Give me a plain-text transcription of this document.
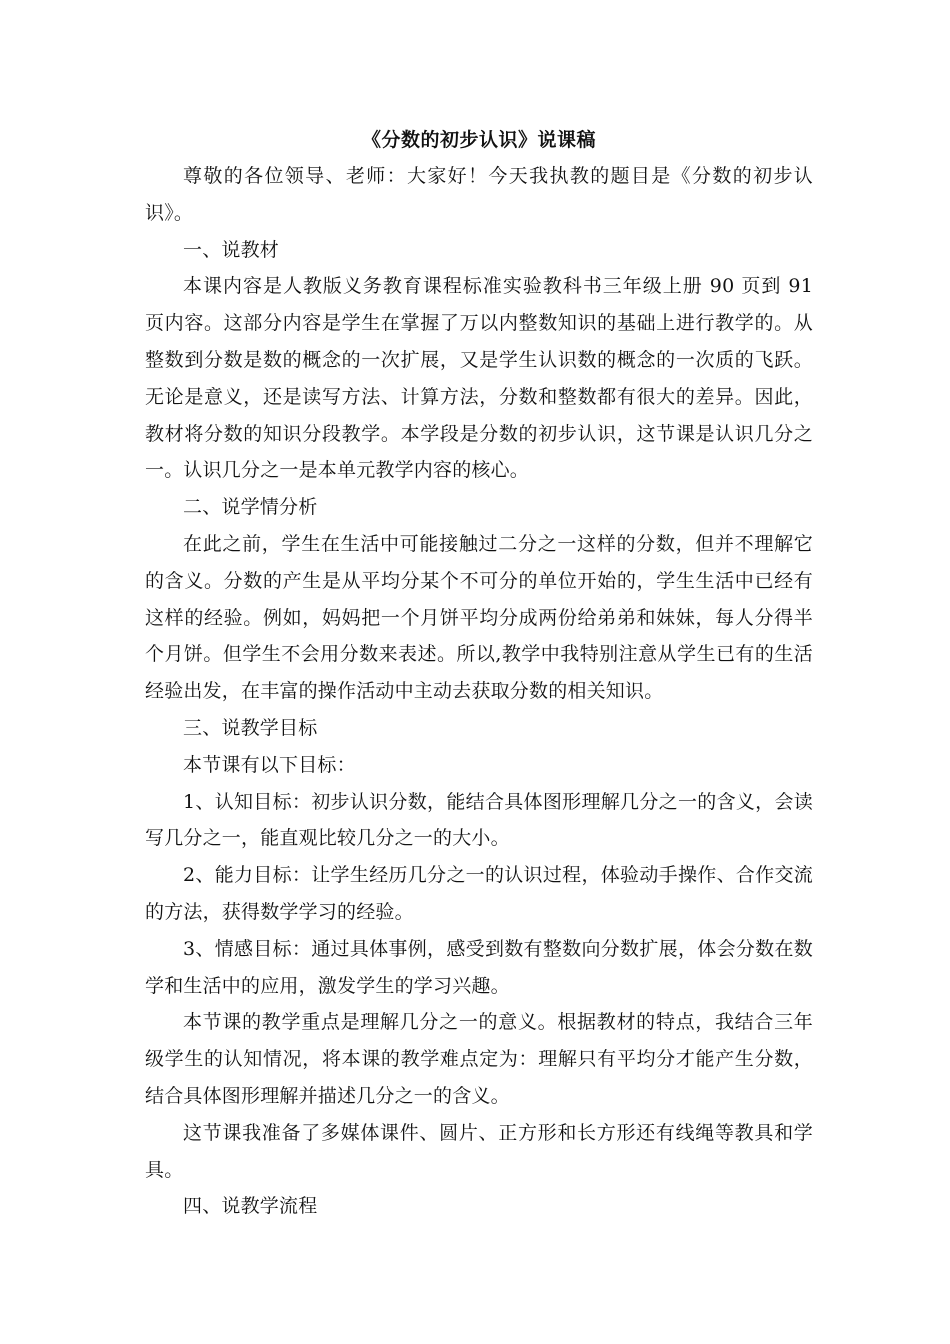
《分数的初步认识》说课稿

尊敬的各位领导、老师：大家好！今天我执教的题目是《分数的初步认识》。

一、说教材

本课内容是人教版义务教育课程标准实验教科书三年级上册 90 页到 91 页内容。这部分内容是学生在掌握了万以内整数知识的基础上进行教学的。从整数到分数是数的概念的一次扩展，又是学生认识数的概念的一次质的飞跃。无论是意义，还是读写方法、计算方法，分数和整数都有很大的差异。因此，教材将分数的知识分段教学。本学段是分数的初步认识，这节课是认识几分之一。认识几分之一是本单元教学内容的核心。

二、说学情分析

在此之前，学生在生活中可能接触过二分之一这样的分数，但并不理解它的含义。分数的产生是从平均分某个不可分的单位开始的，学生生活中已经有这样的经验。例如，妈妈把一个月饼平均分成两份给弟弟和妹妹，每人分得半个月饼。但学生不会用分数来表述。所以,教学中我特别注意从学生已有的生活经验出发，在丰富的操作活动中主动去获取分数的相关知识。

三、说教学目标

本节课有以下目标：

1、认知目标：初步认识分数，能结合具体图形理解几分之一的含义，会读写几分之一，能直观比较几分之一的大小。

2、能力目标：让学生经历几分之一的认识过程，体验动手操作、合作交流的方法，获得数学学习的经验。

3、情感目标：通过具体事例，感受到数有整数向分数扩展，体会分数在数学和生活中的应用，激发学生的学习兴趣。

本节课的教学重点是理解几分之一的意义。根据教材的特点，我结合三年级学生的认知情况，将本课的教学难点定为：理解只有平均分才能产生分数，结合具体图形理解并描述几分之一的含义。

这节课我准备了多媒体课件、圆片、正方形和长方形还有线绳等教具和学具。

四、说教学流程
